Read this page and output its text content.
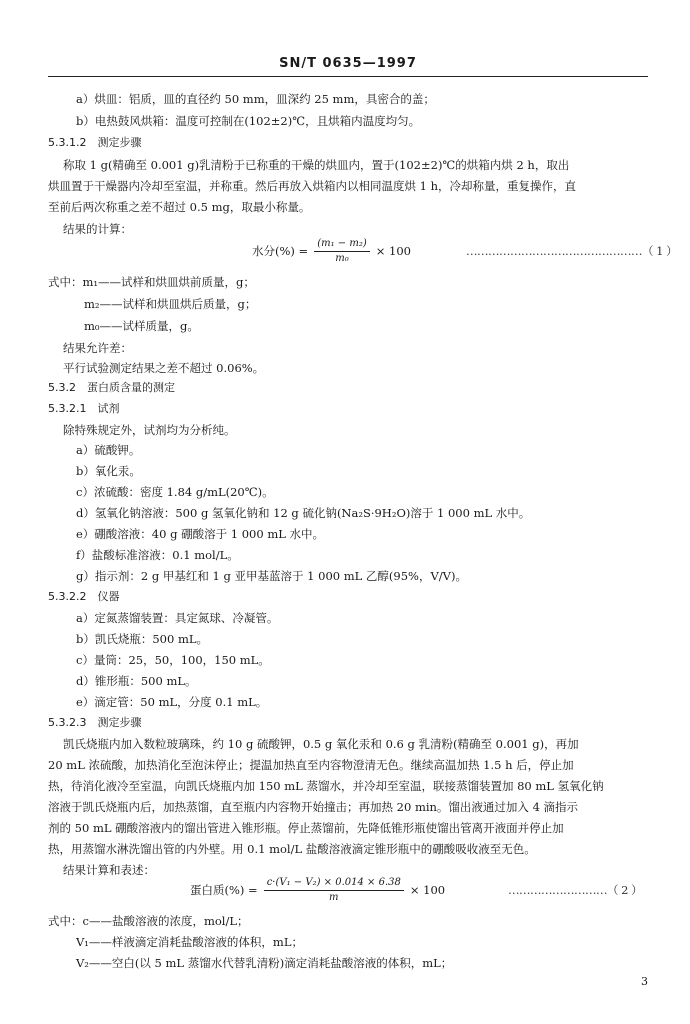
SN/T 0635—1997
a）烘皿：铝质，皿的直径约 50 mm，皿深约 25 mm，具密合的盖；
b）电热鼓风烘箱：温度可控制在(102±2)℃，且烘箱内温度均匀。
5.3.1.2　测定步骤
称取 1 g(精确至 0.001 g)乳清粉于已称重的干燥的烘皿内，置于(102±2)℃的烘箱内烘 2 h，取出
烘皿置于干燥器内冷却至室温，并称重。然后再放入烘箱内以相同温度烘 1 h，冷却称量，重复操作，直
至前后两次称重之差不超过 0.5 mg，取最小称量。
结果的计算：
水分(%) = $\frac{\text{(m₁ − m₂)}}{\text{m₀}} \times 100$	…………………………………………（ 1 ）
式中：m₁——试样和烘皿烘前质量，g；
m₂——试样和烘皿烘后质量，g；
m₀——试样质量，g。
结果允许差：
平行试验测定结果之差不超过 0.06%。
5.3.2　蛋白质含量的测定
5.3.2.1　试剂
除特殊规定外，试剂均为分析纯。
a）硫酸钾。
b）氧化汞。
c）浓硫酸：密度 1.84 g/mL(20℃)。
d）氢氧化钠溶液：500 g 氢氧化钠和 12 g 硫化钠(Na₂S·9H₂O)溶于 1 000 mL 水中。
e）硼酸溶液：40 g 硼酸溶于 1 000 mL 水中。
f）盐酸标准溶液：0.1 mol/L。
g）指示剂：2 g 甲基红和 1 g 亚甲基蓝溶于 1 000 mL 乙醇(95%，V/V)。
5.3.2.2　仪器
a）定氮蒸馏装置：具定氮球、冷凝管。
b）凯氏烧瓶：500 mL。
c）量筒：25，50，100，150 mL。
d）锥形瓶：500 mL。
e）滴定管：50 mL，分度 0.1 mL。
5.3.2.3　测定步骤
凯氏烧瓶内加入数粒玻璃珠，约 10 g 硫酸钾，0.5 g 氧化汞和 0.6 g 乳清粉(精确至 0.001 g)，再加
20 mL 浓硫酸，加热消化至泡沫停止；提温加热直至内容物澄清无色。继续高温加热 1.5 h 后，停止加
热，待消化液冷至室温，向凯氏烧瓶内加 150 mL 蒸馏水，并冷却至室温，联接蒸馏装置加 80 mL 氢氧化钠
溶液于凯氏烧瓶内后，加热蒸馏，直至瓶内内容物开始撞击；再加热 20 min。馏出液通过加入 4 滴指示
剂的 50 mL 硼酸溶液内的馏出管进入锥形瓶。停止蒸馏前，先降低锥形瓶使馏出管离开液面并停止加
热，用蒸馏水淋洗馏出管的内外壁。用 0.1 mol/L 盐酸溶液滴定锥形瓶中的硼酸吸收液至无色。
结果计算和表述：
蛋白质(%) = $\frac{\text{c·(V₁ − V₂) × 0.014 × 6.38}}{m} \times 100$	………………………（ 2 ）
式中：c——盐酸溶液的浓度，mol/L；
V₁——样液滴定消耗盐酸溶液的体积，mL；
V₂——空白(以 5 mL 蒸馏水代替乳清粉)滴定消耗盐酸溶液的体积，mL；
3
